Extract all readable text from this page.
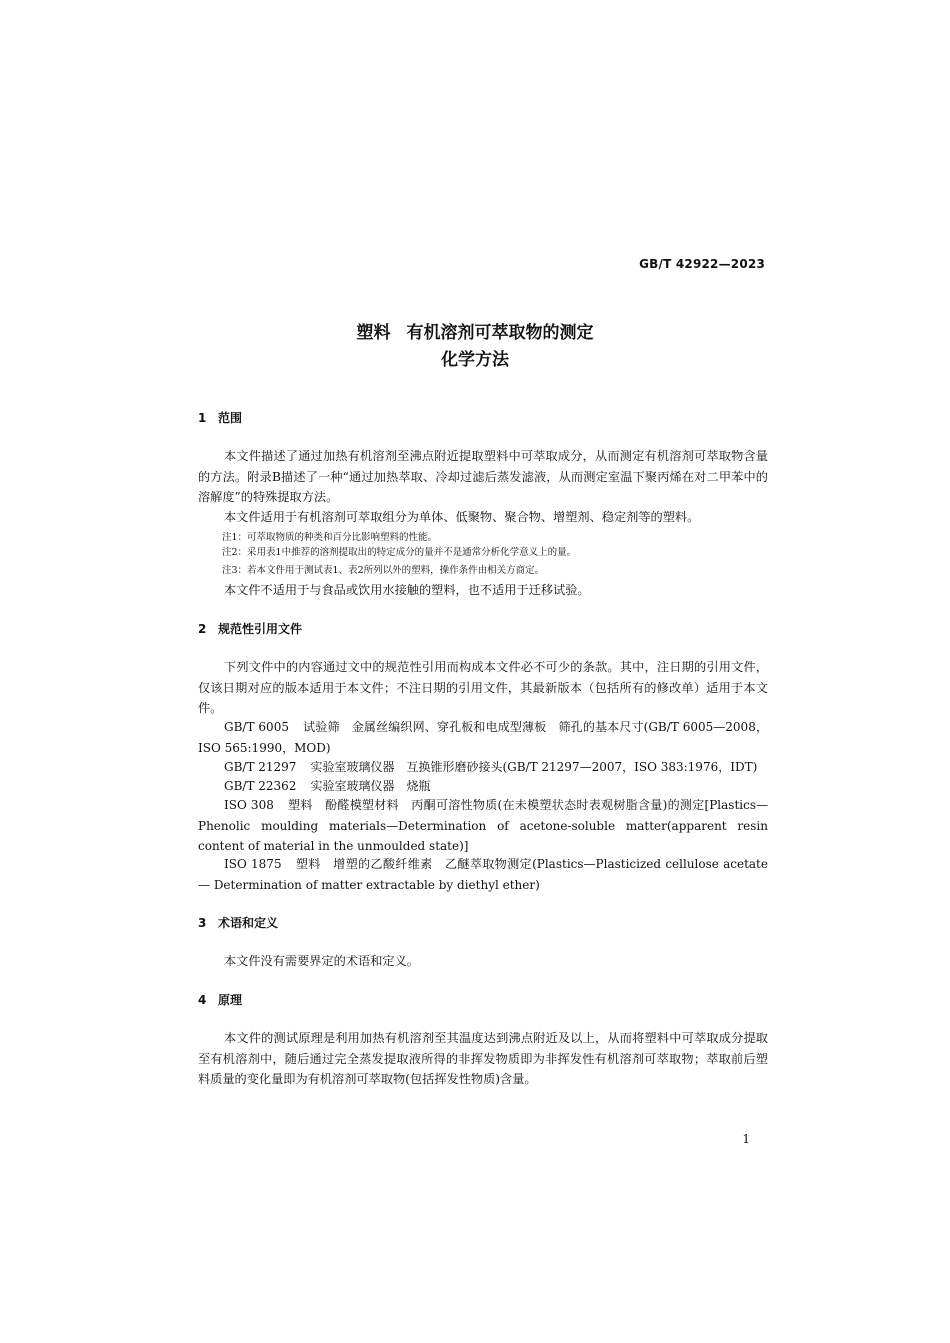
GB/T 42922—2023
塑料 有机溶剂可萃取物的测定
化学方法
1 范围

本文件描述了通过加热有机溶剂至沸点附近提取塑料中可萃取成分，从而测定有机溶剂可萃取物含量的方法。附录B描述了一种“通过加热萃取、冷却过滤后蒸发滤液，从而测定室温下聚丙烯在对二甲苯中的溶解度”的特殊提取方法。

本文件适用于有机溶剂可萃取组分为单体、低聚物、聚合物、增塑剂、稳定剂等的塑料。

注1：可萃取物质的种类和百分比影响塑料的性能。
注2：采用表1中推荐的溶剂提取出的特定成分的量并不是通常分析化学意义上的量。
注3：若本文件用于测试表1、表2所列以外的塑料，操作条件由相关方商定。

本文件不适用于与食品或饮用水接触的塑料，也不适用于迁移试验。

2 规范性引用文件

下列文件中的内容通过文中的规范性引用而构成本文件必不可少的条款。其中，注日期的引用文件，仅该日期对应的版本适用于本文件；不注日期的引用文件，其最新版本（包括所有的修改单）适用于本文件。

GB/T 6005 试验筛　金属丝编织网、穿孔板和电成型薄板　筛孔的基本尺寸(GB/T 6005—2008，ISO 565:1990，MOD)

GB/T 21297 实验室玻璃仪器　互换锥形磨砂接头(GB/T 21297—2007，ISO 383:1976，IDT)

GB/T 22362 实验室玻璃仪器　烧瓶

ISO 308 塑料　酚醛模塑材料　丙酮可溶性物质(在未模塑状态时表观树脂含量)的测定[Plastics—Phenolic moulding materials—Determination of acetone-soluble matter(apparent resin content of material in the unmoulded state)]

ISO 1875 塑料　增塑的乙酸纤维素　乙醚萃取物测定(Plastics—Plasticized cellulose acetate — Determination of matter extractable by diethyl ether)

3 术语和定义

本文件没有需要界定的术语和定义。

4 原理

本文件的测试原理是利用加热有机溶剂至其温度达到沸点附近及以上，从而将塑料中可萃取成分提取至有机溶剂中，随后通过完全蒸发提取液所得的非挥发物质即为非挥发性有机溶剂可萃取物；萃取前后塑料质量的变化量即为有机溶剂可萃取物(包括挥发性物质)含量。

1
